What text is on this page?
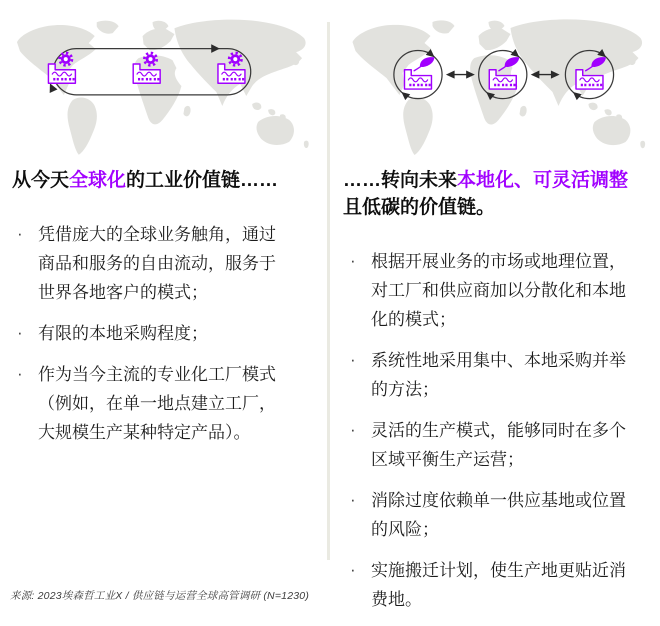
从今天全球化的工业价值链……
· 凭借庞大的全球业务触角，通过商品和服务的自由流动，服务于世界各地客户的模式；
· 有限的本地采购程度；
· 作为当今主流的专业化工厂模式（例如，在单一地点建立工厂，大规模生产某种特定产品）。
……转向未来本地化、可灵活调整且低碳的价值链。
· 根据开展业务的市场或地理位置，对工厂和供应商加以分散化和本地化的模式；
· 系统性地采用集中、本地采购并举的方法；
· 灵活的生产模式，能够同时在多个区域平衡生产运营；
· 消除过度依赖单一供应基地或位置的风险；
· 实施搬迁计划，使生产地更贴近消费地。
来源: 2023埃森哲工业X / 供应链与运营全球高管调研 (N=1230)
